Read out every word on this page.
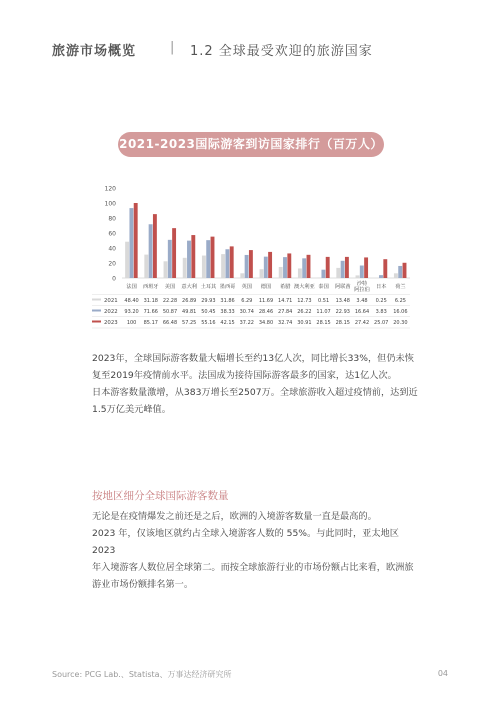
旅游市场概览	| 1.2 全球最受欢迎的旅游国家
2021-2023国际游客到访国家排行（百万人）
0
20
40
60
80
100
120
法国 西班牙 美国 意大利 土耳其 墨西哥 英国 德国 希腊 澳大利亚 泰国 阿联酋	沙特阿拉伯 日本 荷兰
2021 48.40 31.18 22.28 26.89 29.93 31.86 6.29 11.69 14.71 12.73 0.51 13.48 3.48 0.25 6.25
2022 93.20 71.66 50.87 49.81 50.45 38.33 30.74 28.46 27.84 26.22 11.07 22.93 16.64 3.83 16.06
2023 100 85.17 66.48 57.25 55.16 42.15 37.22 34.80 32.74 30.91 28.15 28.15 27.42 25.07 20.30

2023年，全球国际游客数量大幅增长至约13亿人次，同比增长33%，但仍未恢

复至2019年疫情前水平。法国成为接待国际游客最多的国家，达1亿人次。

日本游客数量激增，从383万增长至2507万。全球旅游收入超过疫情前，达到近

1.5万亿美元峰值。

按地区细分全球国际游客数量

无论是在疫情爆发之前还是之后，欧洲的入境游客数量一直是最高的。

2023 年，仅该地区就约占全球入境游客人数的 55%。与此同时，亚太地区 2023

年入境游客人数位居全球第二。而按全球旅游行业的市场份额占比来看，欧洲旅

游业市场份额排名第一。

Source: PCG Lab.、Statista、万事达经济研究所	04
